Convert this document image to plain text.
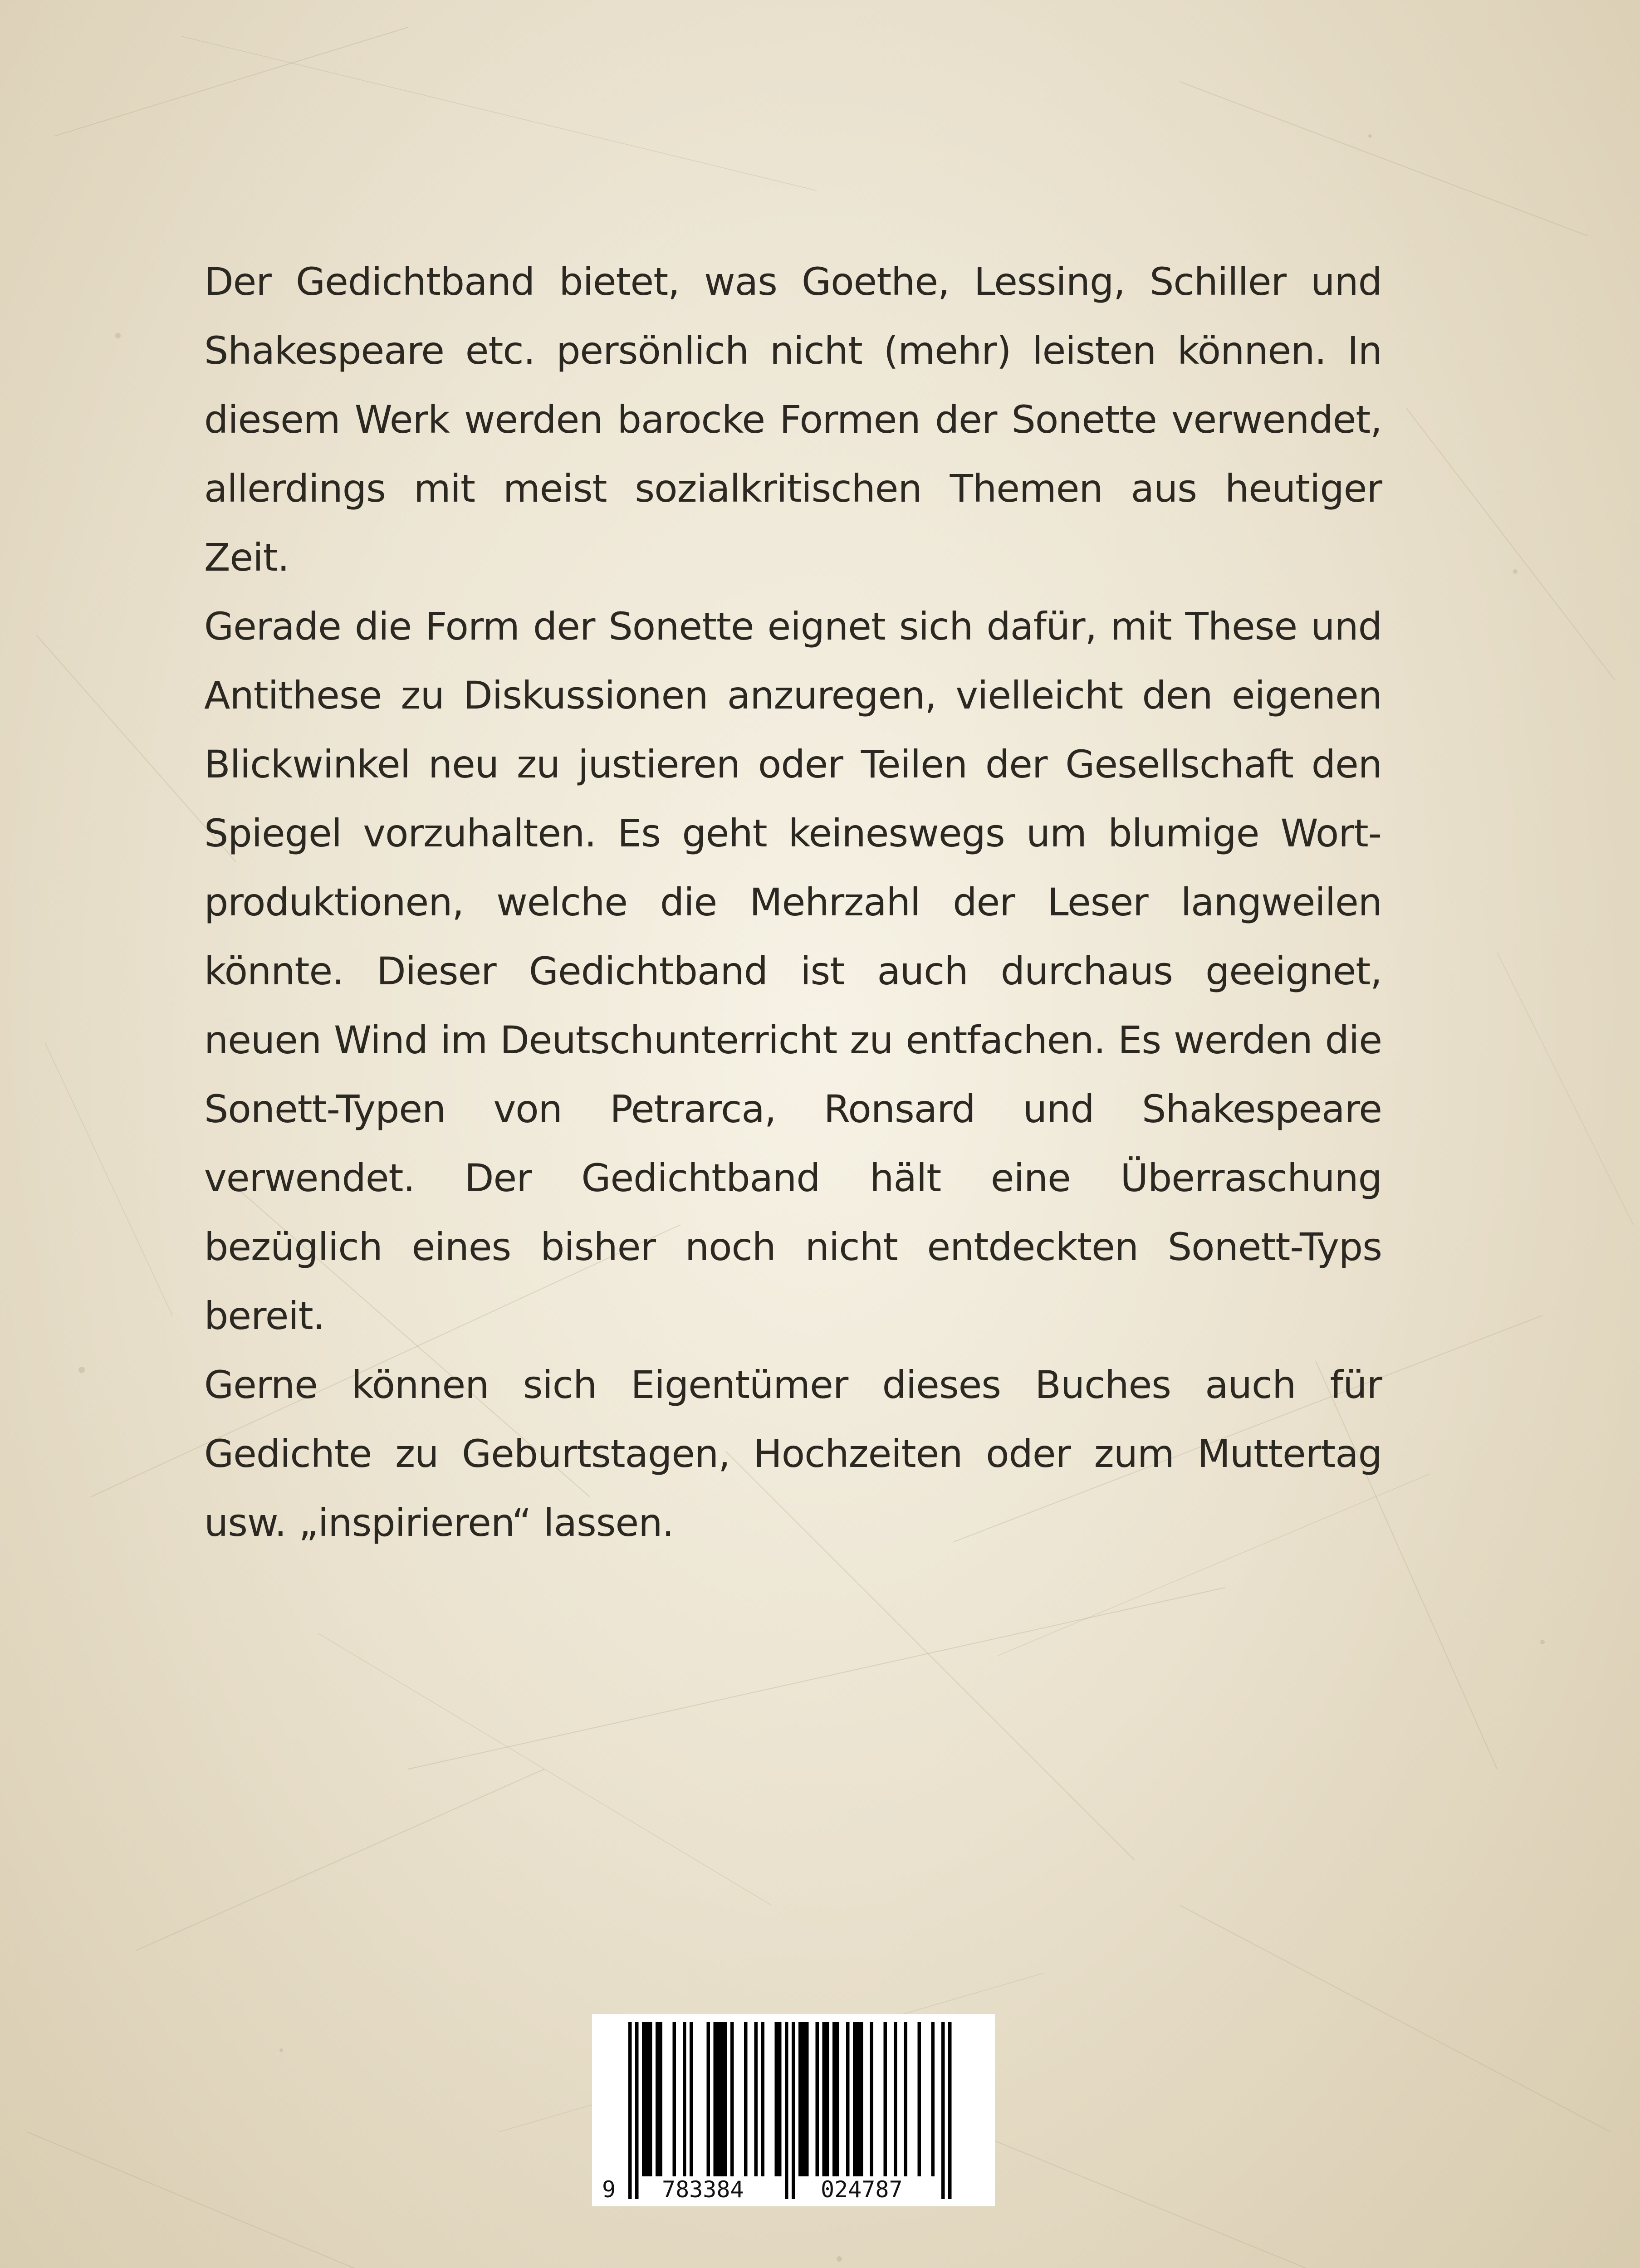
Der Gedichtband bietet, was Goethe, Lessing, Schiller und Shakespeare etc. persönlich nicht (mehr) leisten können. In diesem Werk werden barocke Formen der Sonette verwendet, allerdings mit meist sozialkritischen Themen aus heutiger Zeit.

Gerade die Form der Sonette eignet sich dafür, mit These und Antithese zu Diskussionen anzuregen, vielleicht den eigenen Blickwinkel neu zu justieren oder Teilen der Gesellschaft den Spiegel vorzuhalten. Es geht keineswegs um blumige Wortproduktionen, welche die Mehrzahl der Leser langweilen könnte. Dieser Gedichtband ist auch durchaus geeignet, neuen Wind im Deutschunterricht zu entfachen. Es werden die Sonett-Typen von Petrarca, Ronsard und Shakespeare verwendet. Der Gedichtband hält eine Überraschung bezüglich eines bisher noch nicht entdeckten Sonett-Typs bereit.

Gerne können sich Eigentümer dieses Buches auch für Gedichte zu Geburtstagen, Hochzeiten oder zum Muttertag usw. „inspirieren“ lassen.

9 783384	024787
